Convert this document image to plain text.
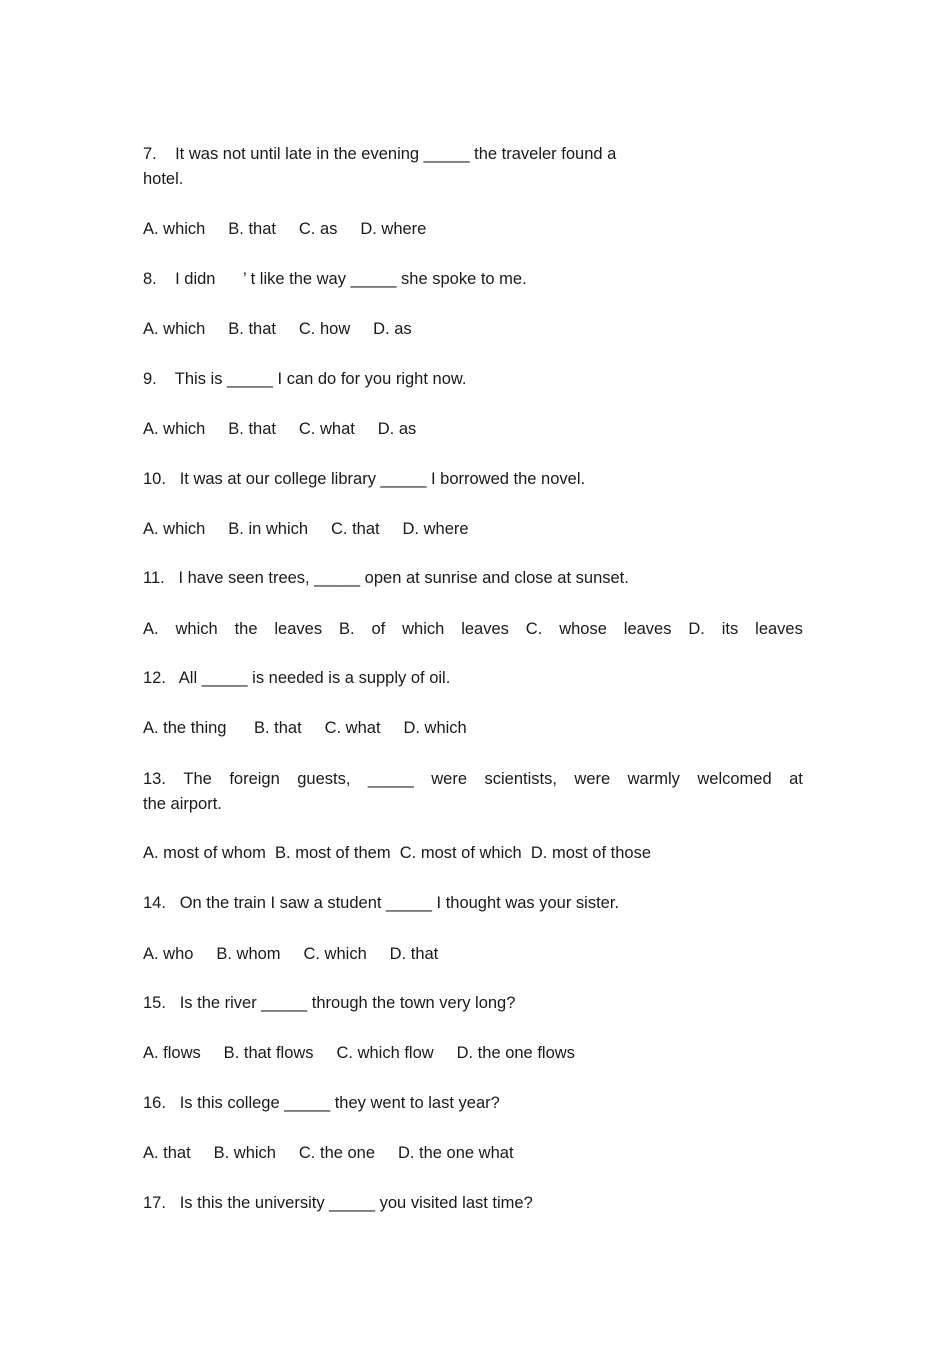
7.    It was not until late in the evening _____ the traveler found a
hotel.
A. which     B. that     C. as     D. where
8.    I didn      ’ t like the way _____ she spoke to me.
A. which     B. that     C. how     D. as
9.    This is _____ I can do for you right now.
A. which     B. that     C. what     D. as
10.   It was at our college library _____ I borrowed the novel.
A. which     B. in which     C. that     D. where
11.   I have seen trees, _____ open at sunrise and close at sunset.
A. which the leaves B. of which leaves C. whose leaves D. its leaves
12.   All _____ is needed is a supply of oil.
A. the thing      B. that     C. what     D. which
13. The foreign guests, _____ were scientists, were warmly welcomed at
the airport.
A. most of whom  B. most of them  C. most of which  D. most of those
14.   On the train I saw a student _____ I thought was your sister.
A. who     B. whom     C. which     D. that
15.   Is the river _____ through the town very long?
A. flows     B. that flows     C. which flow     D. the one flows
16.   Is this college _____ they went to last year?
A. that     B. which     C. the one     D. the one what
17.   Is this the university _____ you visited last time?
